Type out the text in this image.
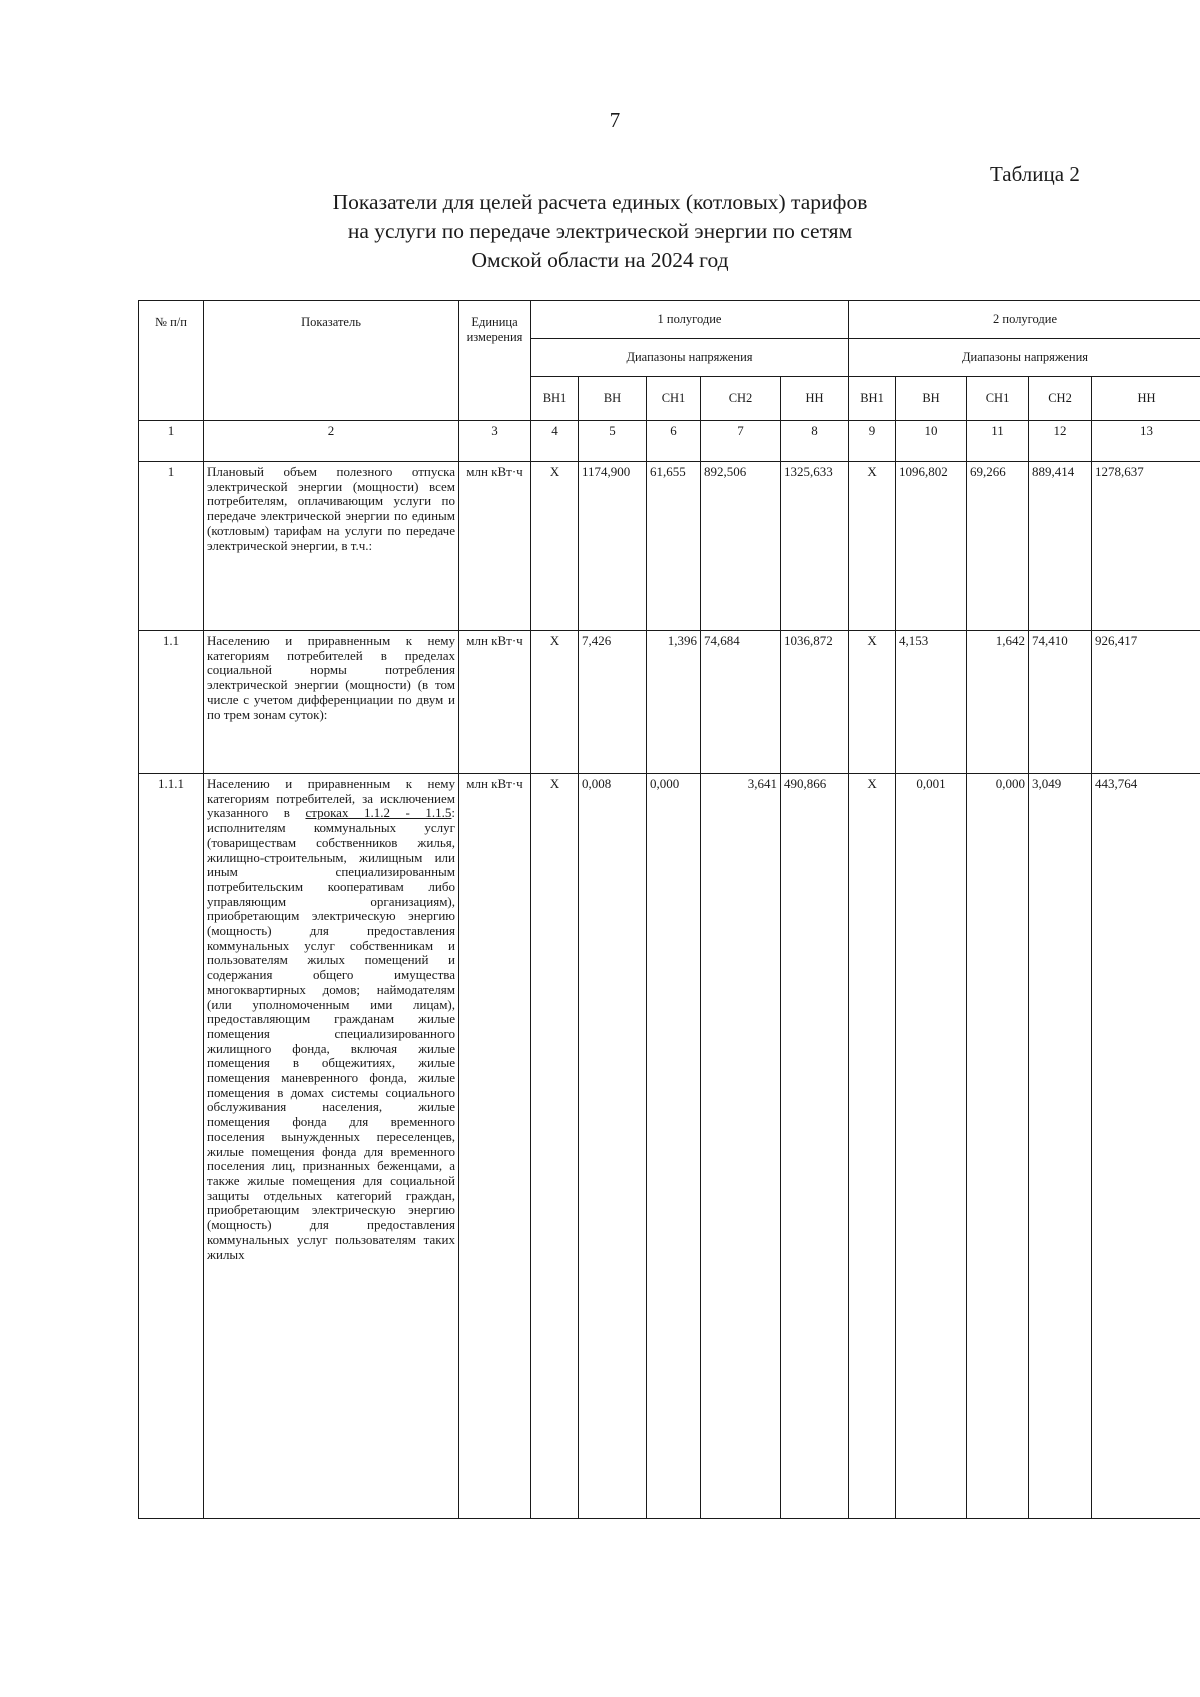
7
Таблица 2
Показатели для целей расчета единых (котловых) тарифов
на услуги по передаче электрической энергии по сетям
Омской области на 2024 год
№ п/п	Показатель	Единица измерения	1 полугодие					2 полугодие				
			Диапазоны напряжения					Диапазоны напряжения				
			ВН1	ВН	СН1	СН2	НН	ВН1	ВН	СН1	СН2	НН
1	2	3	4	5	6	7	8	9	10	11	12	13
1	Плановый объем полезного отпуска электрической энергии (мощности) всем потребителям, оплачивающим услуги по передаче электрической энергии по единым (котловым) тарифам на услуги по передаче электрической энергии, в т.ч.:	млн кВт·ч	Х	1174,900	61,655	892,506	1325,633	Х	1096,802	69,266	889,414	1278,637
1.1	Населению и приравненным к нему категориям потребителей в пределах социальной нормы потребления электрической энергии (мощности) (в том числе с учетом дифференциации по двум и по трем зонам суток):	млн кВт·ч	Х	7,426	1,396	74,684	1036,872	Х	4,153	1,642	74,410	926,417
1.1.1	Населению и приравненным к нему категориям потребителей, за исключением указанного в строках 1.1.2 - 1.1.5: исполнителям коммунальных услуг (товариществам собственников жилья, жилищно-строительным, жилищным или иным специализированным потребительским кооперативам либо управляющим организациям), приобретающим электрическую энергию (мощность) для предоставления коммунальных услуг собственникам и пользователям жилых помещений и содержания общего имущества многоквартирных домов; наймодателям (или уполномоченным ими лицам), предоставляющим гражданам жилые помещения специализированного жилищного фонда, включая жилые помещения в общежитиях, жилые помещения маневренного фонда, жилые помещения в домах системы социального обслуживания населения, жилые помещения фонда для временного поселения вынужденных переселенцев, жилые помещения фонда для временного поселения лиц, признанных беженцами, а также жилые помещения для социальной защиты отдельных категорий граждан, приобретающим электрическую энергию (мощность) для предоставления коммунальных услуг пользователям таких жилых	млн кВт·ч	Х	0,008	0,000	3,641	490,866	Х	0,001	0,000	3,049	443,764
